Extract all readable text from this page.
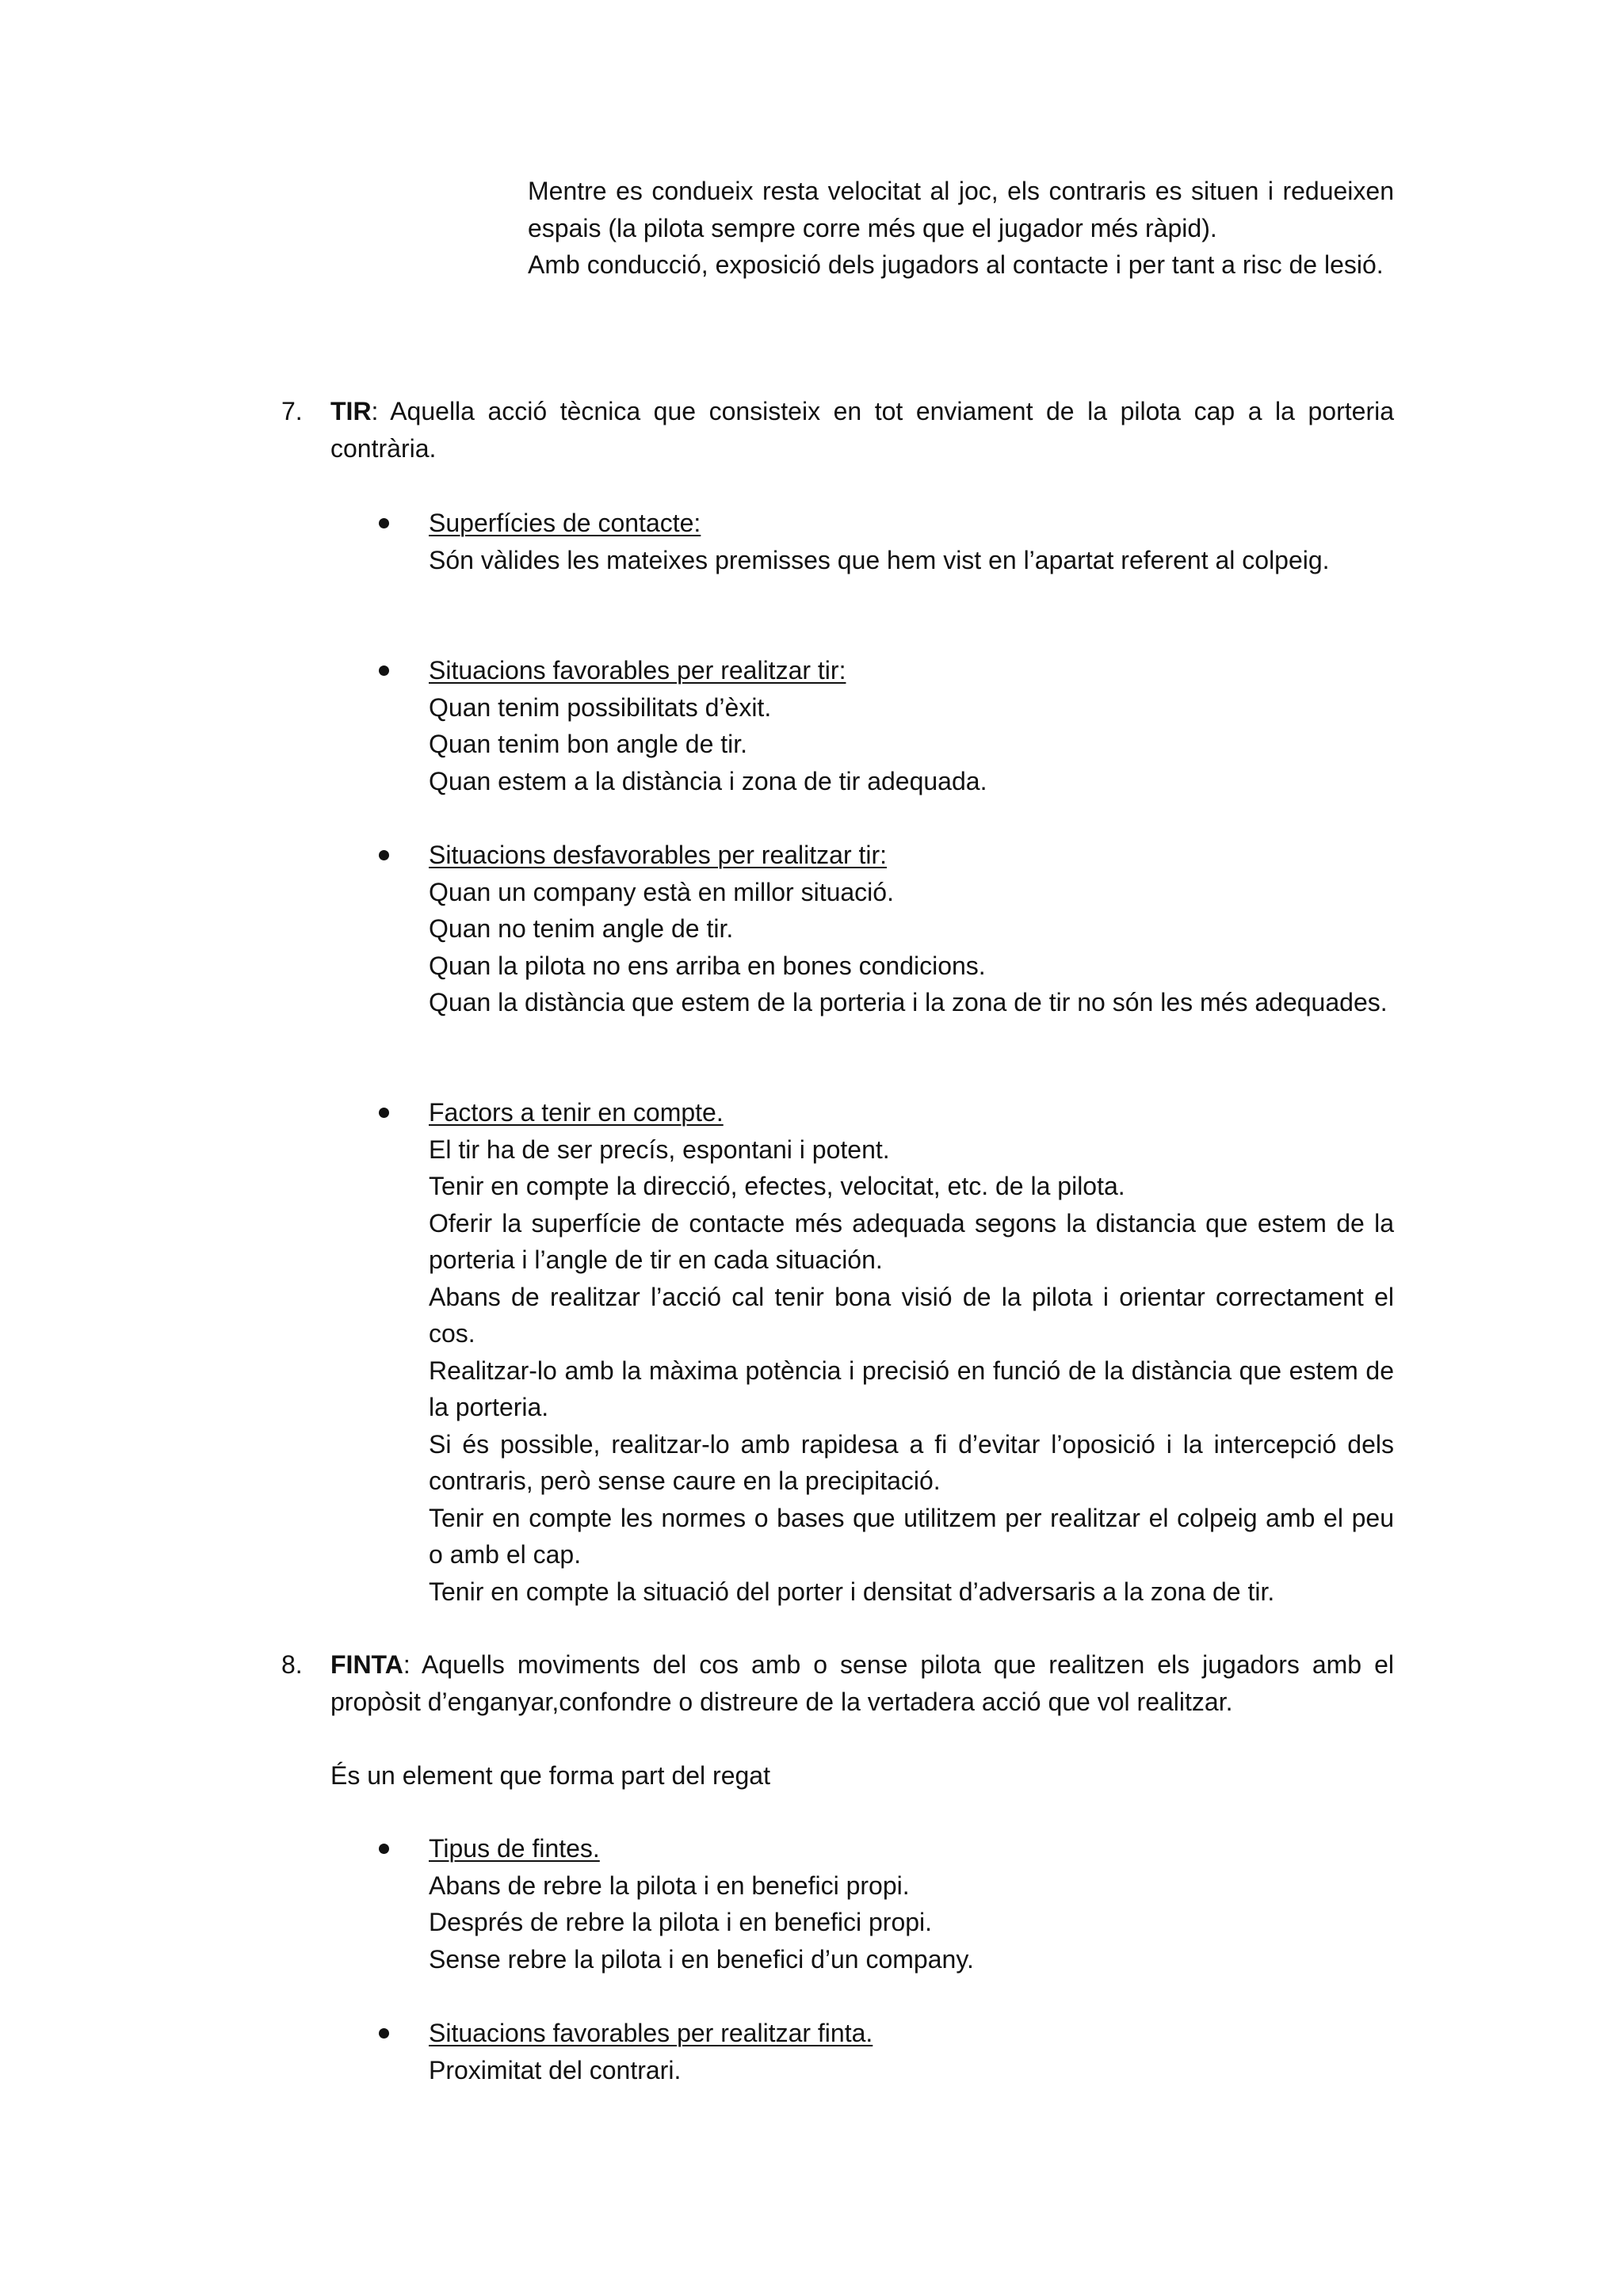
Mentre es condueix resta velocitat al joc, els contraris es situen i redueixen espais (la pilota sempre corre més que el jugador més ràpid).

Amb conducció, exposició dels jugadors al contacte i per tant a risc de lesió.

7. TIR: Aquella acció tècnica que consisteix en tot enviament de la pilota cap a la porteria contrària.

Superfícies de contacte:

Són vàlides les mateixes premisses que hem vist en l’apartat referent al colpeig.

Situacions favorables per realitzar tir:

Quan tenim possibilitats d’èxit.

Quan tenim bon angle de tir.

Quan estem a la distància i zona de tir adequada.

Situacions desfavorables per realitzar tir:

Quan un company està en millor situació.

Quan no tenim angle de tir.

Quan la pilota no ens arriba en bones condicions.

Quan la distància que estem de la porteria i la zona de tir no són les més adequades.

Factors a tenir en compte.

El tir ha de ser precís, espontani i potent.

Tenir en compte la direcció, efectes, velocitat, etc. de la pilota.

Oferir la superfície de contacte més adequada segons la distancia que estem de la porteria i l’angle de tir en cada situación.

Abans de realitzar l’acció cal tenir bona visió de la pilota i orientar correctament el cos.

Realitzar-lo amb la màxima potència i precisió en funció de la distància que estem de la porteria.

Si és possible, realitzar-lo amb rapidesa a fi d’evitar l’oposició i la intercepció dels contraris, però sense caure en la precipitació.

Tenir en compte les normes o bases que utilitzem per realitzar el colpeig amb el peu o amb el cap.

Tenir en compte la situació del porter i densitat d’adversaris a la zona de tir.

8. FINTA: Aquells moviments del cos amb o sense pilota que realitzen els jugadors amb el propòsit d’enganyar,confondre o distreure de la vertadera acció que vol realitzar.

És un element que forma part del regat

Tipus de fintes.

Abans de rebre la pilota i en benefici propi.

Després de rebre la pilota i en benefici propi.

Sense rebre la pilota i en benefici d’un company.

Situacions favorables per realitzar finta.

Proximitat del contrari.
